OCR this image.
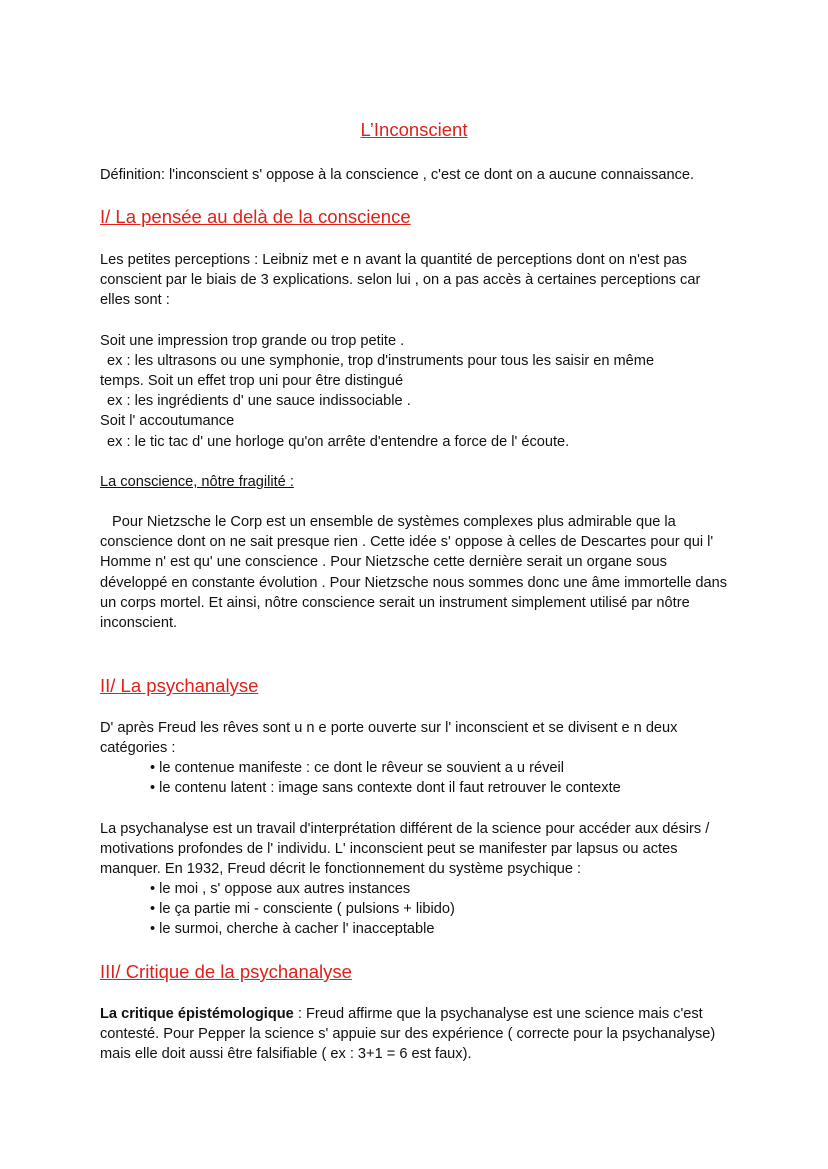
L’Inconscient
Définition: l'inconscient s' oppose à la conscience , c'est ce dont on a aucune connaissance.
I/ La pensée au delà de la conscience
Les petites perceptions : Leibniz met e n avant la quantité de perceptions dont on n'est pas conscient par le biais de 3 explications. selon lui , on a pas accès à certaines perceptions car elles sont :
Soit une impression trop grande ou trop petite .
ex : les ultrasons ou une symphonie, trop d'instruments pour tous les saisir en même
temps. Soit un effet trop uni pour être distingué
ex : les ingrédients d' une sauce indissociable .
Soit l' accoutumance
ex : le tic tac d' une horloge qu'on arrête d'entendre a force de l' écoute.
La conscience, nôtre fragilité :
Pour Nietzsche le Corp est un ensemble de systèmes complexes plus admirable que la conscience dont on ne sait presque rien . Cette idée s' oppose à celles de Descartes pour qui l' Homme n' est qu' une conscience . Pour Nietzsche cette dernière serait un organe sous développé en constante évolution . Pour Nietzsche nous sommes donc une âme immortelle dans un corps mortel. Et ainsi, nôtre conscience serait un instrument simplement utilisé par nôtre inconscient.
II/ La psychanalyse
D' après Freud les rêves sont u n e porte ouverte sur l' inconscient et se divisent e n deux catégories :
• le contenue manifeste : ce dont le rêveur se souvient a u réveil
• le contenu latent : image sans contexte dont il faut retrouver le contexte
La psychanalyse est un travail d'interprétation différent de la science pour accéder aux désirs / motivations profondes de l' individu. L' inconscient peut se manifester par lapsus ou actes manquer. En 1932, Freud décrit le fonctionnement du système psychique :
• le moi , s' oppose aux autres instances
• le ça partie mi - consciente ( pulsions + libido)
• le surmoi, cherche à cacher l' inacceptable
III/ Critique de la psychanalyse
La critique épistémologique : Freud affirme que la psychanalyse est une science mais c'est contesté. Pour Pepper la science s' appuie sur des expérience ( correcte pour la psychanalyse) mais elle doit aussi être falsifiable ( ex : 3+1 = 6 est faux).
